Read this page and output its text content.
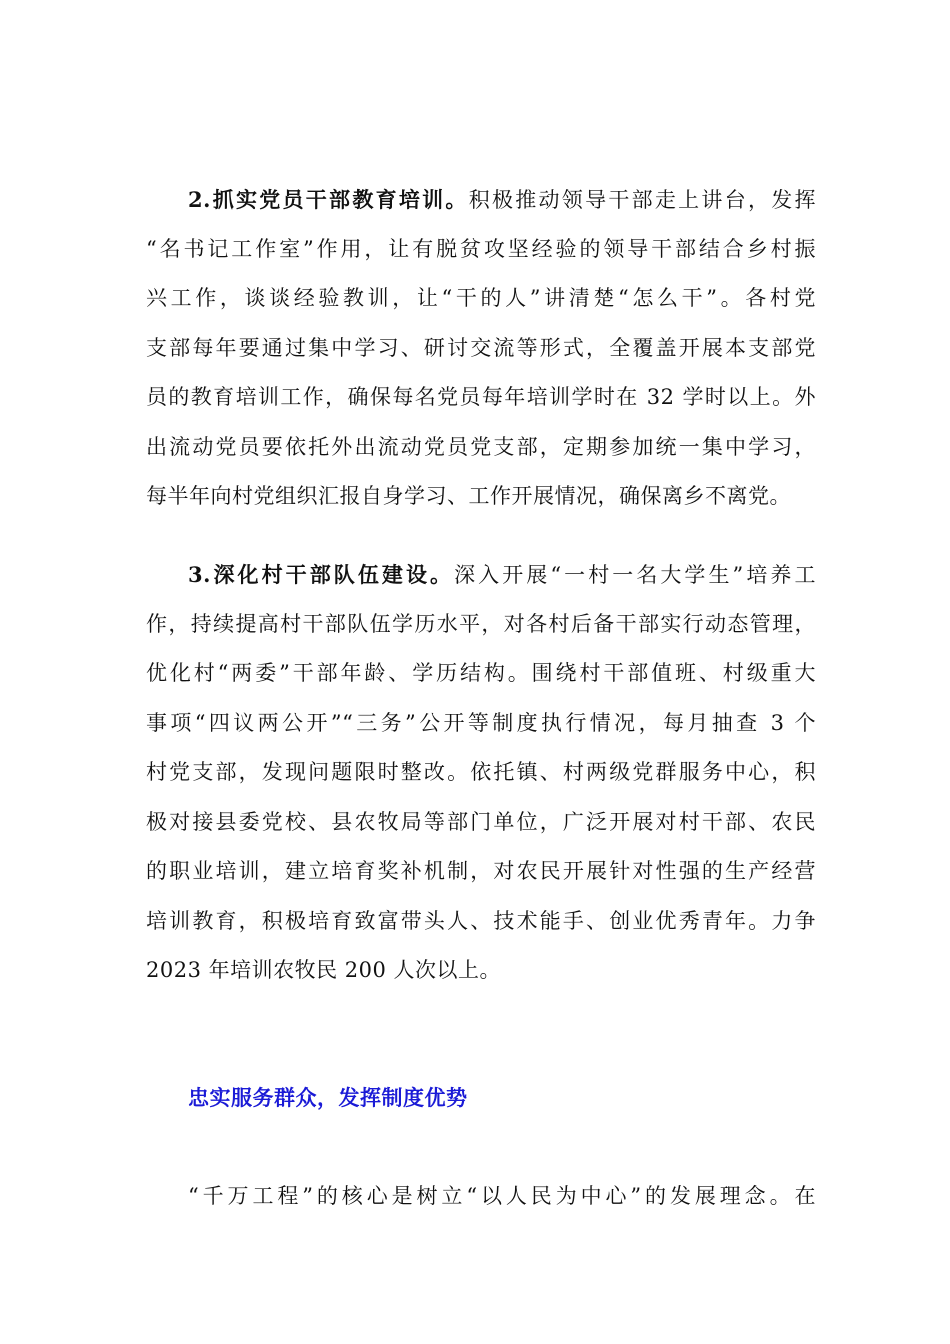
2.抓实党员干部教育培训。积极推动领导干部走上讲台，发挥
“名书记工作室”作用，让有脱贫攻坚经验的领导干部结合乡村振
兴工作，谈谈经验教训，让“干的人”讲清楚“怎么干”。各村党
支部每年要通过集中学习、研讨交流等形式，全覆盖开展本支部党
员的教育培训工作，确保每名党员每年培训学时在 32 学时以上。外
出流动党员要依托外出流动党员党支部，定期参加统一集中学习，
每半年向村党组织汇报自身学习、工作开展情况，确保离乡不离党。
3.深化村干部队伍建设。深入开展“一村一名大学生”培养工
作，持续提高村干部队伍学历水平，对各村后备干部实行动态管理，
优化村“两委”干部年龄、学历结构。围绕村干部值班、村级重大
事项“四议两公开”“三务”公开等制度执行情况，每月抽查 3 个
村党支部，发现问题限时整改。依托镇、村两级党群服务中心，积
极对接县委党校、县农牧局等部门单位，广泛开展对村干部、农民
的职业培训，建立培育奖补机制，对农民开展针对性强的生产经营
培训教育，积极培育致富带头人、技术能手、创业优秀青年。力争
2023 年培训农牧民 200 人次以上。
忠实服务群众，发挥制度优势
“千万工程”的核心是树立“以人民为中心”的发展理念。在
